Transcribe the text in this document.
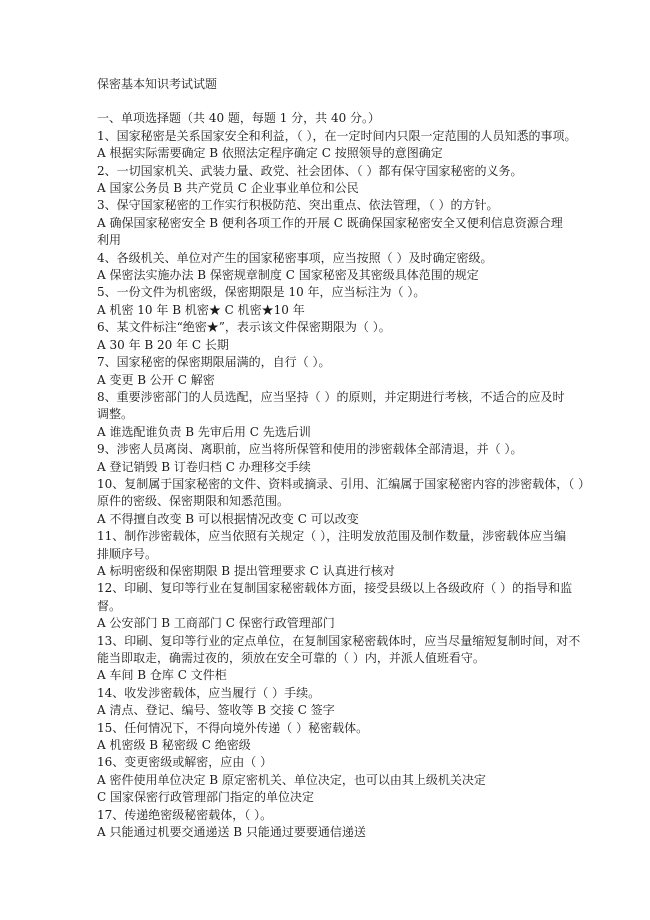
保密基本知识考试试题
一、单项选择题（共 40 题，每题 1 分，共 40 分。）
1、国家秘密是关系国家安全和利益，（ ），在一定时间内只限一定范围的人员知悉的事项。
A 根据实际需要确定 B 依照法定程序确定 C 按照领导的意图确定
2、一切国家机关、武装力量、政党、社会团体、（ ）都有保守国家秘密的义务。
A 国家公务员 B 共产党员 C 企业事业单位和公民
3、保守国家秘密的工作实行积极防范、突出重点、依法管理，（ ）的方针。
A 确保国家秘密安全 B 便利各项工作的开展 C 既确保国家秘密安全又便利信息资源合理
利用
4、各级机关、单位对产生的国家秘密事项，应当按照（ ）及时确定密级。
A 保密法实施办法 B 保密规章制度 C 国家秘密及其密级具体范围的规定
5、一份文件为机密级，保密期限是 10 年，应当标注为（ ）。
A 机密 10 年 B 机密★ C 机密★10 年
6、某文件标注“绝密★”，表示该文件保密期限为（ ）。
A 30 年 B 20 年 C 长期
7、国家秘密的保密期限届满的，自行（ ）。
A 变更 B 公开 C 解密
8、重要涉密部门的人员选配，应当坚持（ ）的原则，并定期进行考核，不适合的应及时
调整。
A 谁选配谁负责 B 先审后用 C 先选后训
9、涉密人员离岗、离职前，应当将所保管和使用的涉密载体全部清退，并（ ）。
A 登记销毁 B 订卷归档 C 办理移交手续
10、复制属于国家秘密的文件、资料或摘录、引用、汇编属于国家秘密内容的涉密载体，（ ）
原件的密级、保密期限和知悉范围。
A 不得擅自改变 B 可以根据情况改变 C 可以改变
11、制作涉密载体，应当依照有关规定（ ），注明发放范围及制作数量，涉密载体应当编
排顺序号。
A 标明密级和保密期限 B 提出管理要求 C 认真进行核对
12、印刷、复印等行业在复制国家秘密载体方面，接受县级以上各级政府（ ）的指导和监
督。
A 公安部门 B 工商部门 C 保密行政管理部门
13、印刷、复印等行业的定点单位，在复制国家秘密载体时，应当尽量缩短复制时间，对不
能当即取走，确需过夜的，须放在安全可靠的（ ）内，并派人值班看守。
A 车间 B 仓库 C 文件柜
14、收发涉密载体，应当履行（ ）手续。
A 清点、登记、编号、签收等 B 交接 C 签字
15、任何情况下，不得向境外传递（ ）秘密载体。
A 机密级 B 秘密级 C 绝密级
16、变更密级或解密，应由（ ）
A 密件使用单位决定 B 原定密机关、单位决定，也可以由其上级机关决定
C 国家保密行政管理部门指定的单位决定
17、传递绝密级秘密载体，（ ）。
A 只能通过机要交通递送 B 只能通过要要通信递送
